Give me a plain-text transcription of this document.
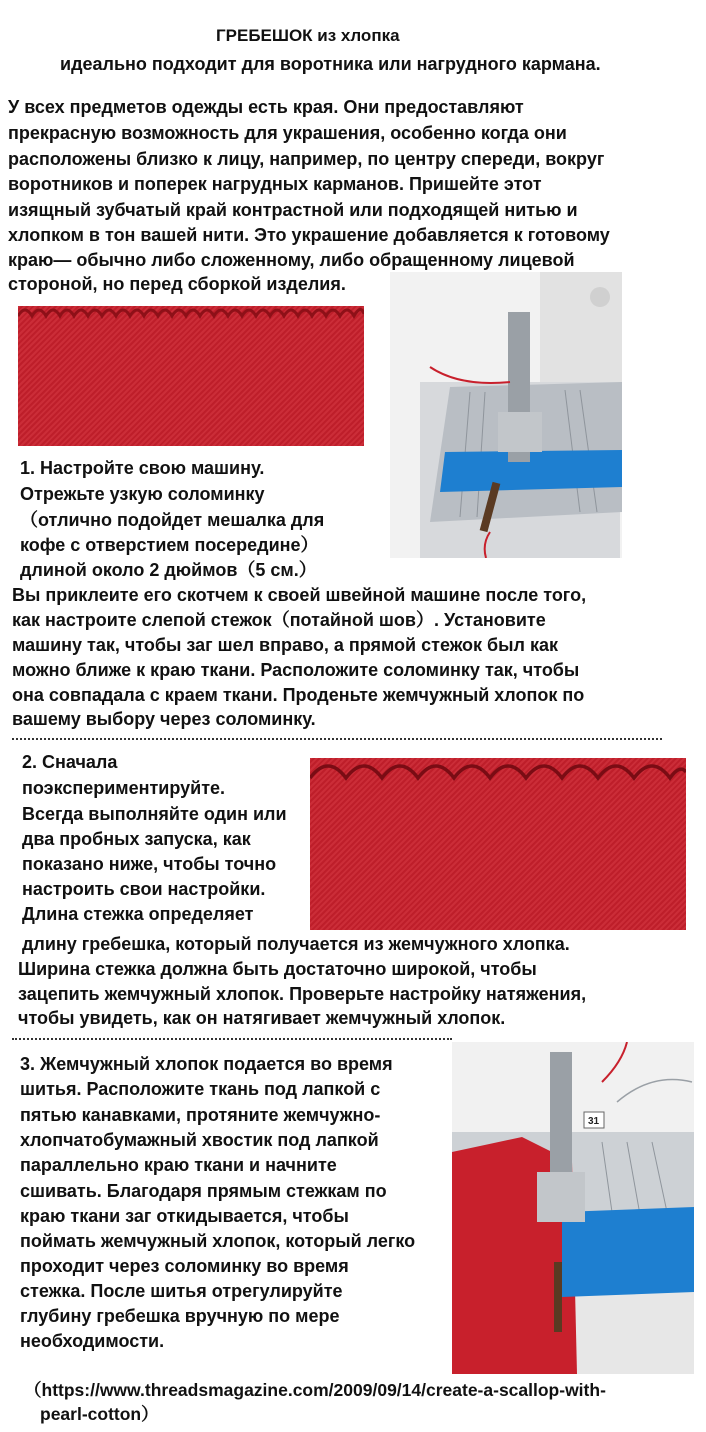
ГРЕБЕШОК из хлопка
идеально подходит для воротника или нагрудного кармана.
У всех предметов одежды есть края. Они предоставляют
прекрасную возможность для украшения, особенно когда они
расположены близко к лицу, например, по центру спереди, вокруг
воротников и поперек нагрудных карманов. Пришейте этот
изящный зубчатый край контрастной или подходящей нитью и
хлопком в тон вашей нити. Это украшение добавляется к готовому
краю— обычно либо сложенному, либо обращенному лицевой
стороной, но перед сборкой изделия.
1. Настройте свою машину.
Отрежьте узкую соломинку
（отлично подойдет мешалка для
кофе с отверстием посередине）
длиной около 2 дюймов（5 см.）
Вы приклеите его скотчем к своей швейной машине после того,
как настроите слепой стежок（потайной шов）. Установите
машину так, чтобы заг шел вправо, а прямой стежок был как
можно ближе к краю ткани. Расположите соломинку так, чтобы
она совпадала с краем ткани. Проденьте жемчужный хлопок по
вашему выбору через соломинку.
2. Сначала
поэкспериментируйте.
Всегда выполняйте один или
два пробных запуска, как
показано ниже, чтобы точно
настроить свои настройки.
Длина стежка определяет
длину гребешка, который получается из жемчужного хлопка.
Ширина стежка должна быть достаточно широкой, чтобы
зацепить жемчужный хлопок. Проверьте настройку натяжения,
чтобы увидеть, как он натягивает жемчужный хлопок.
31
3. Жемчужный хлопок подается во время
шитья. Расположите ткань под лапкой с
пятью канавками, протяните жемчужно-
хлопчатобумажный хвостик под лапкой
параллельно краю ткани и начните
сшивать. Благодаря прямым стежкам по
краю ткани заг откидывается, чтобы
поймать жемчужный хлопок, который легко
проходит через соломинку во время
стежка. После шитья отрегулируйте
глубину гребешка вручную по мере
необходимости.
（https://www.threadsmagazine.com/2009/09/14/create-a-scallop-with-
pearl-cotton）
